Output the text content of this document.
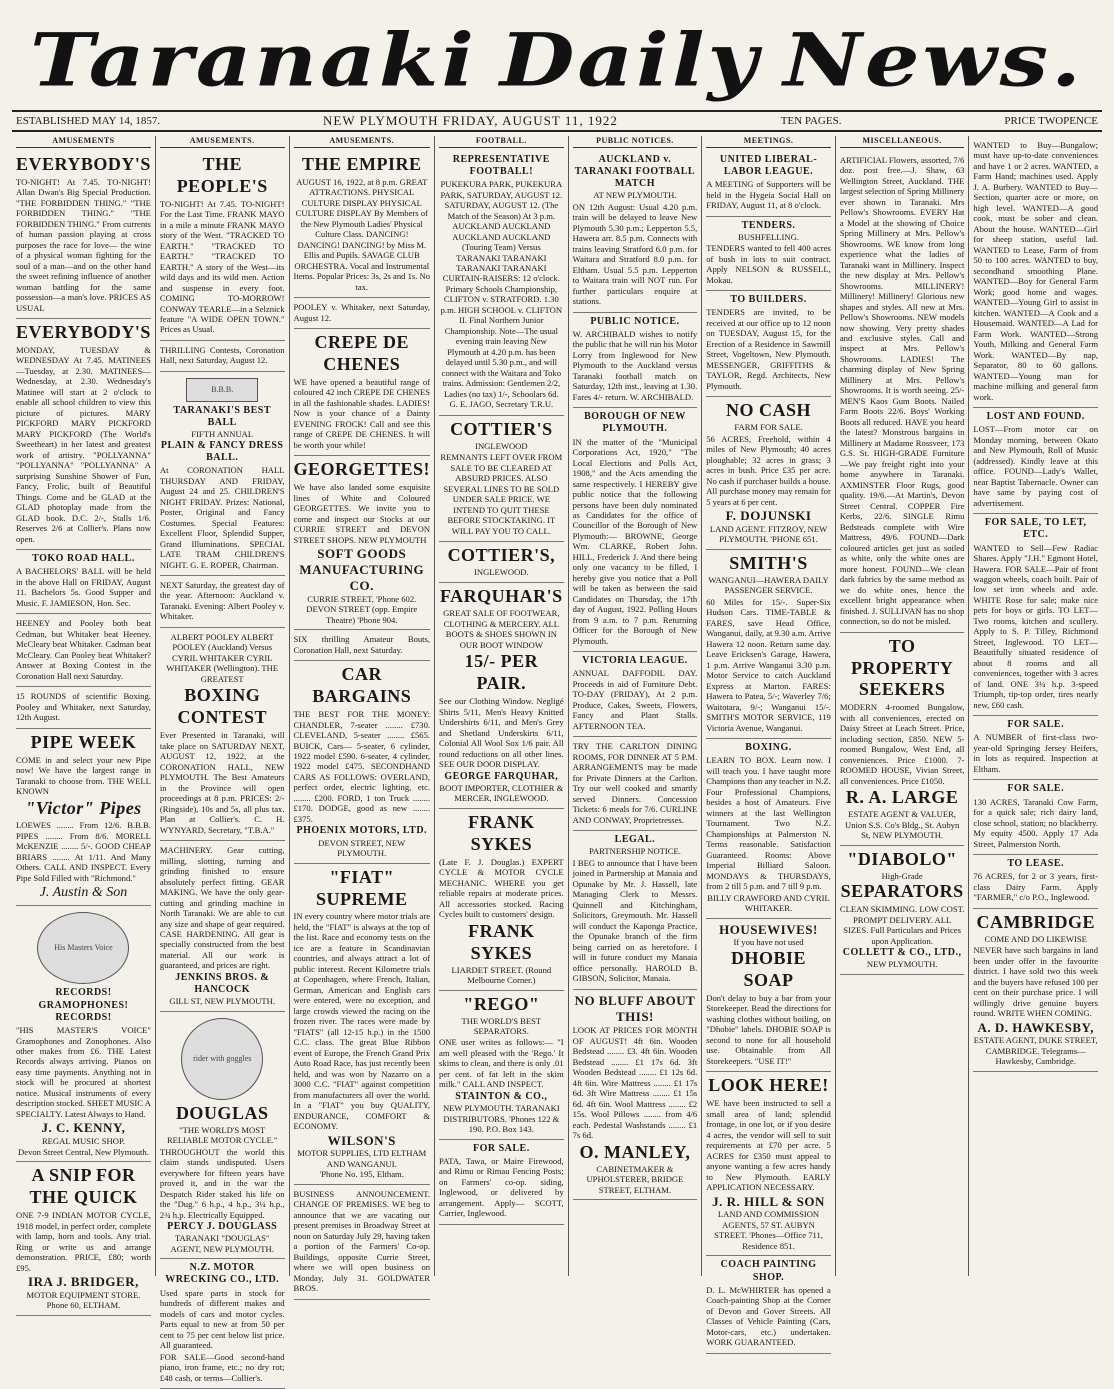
Taranaki Daily News.
ESTABLISHED MAY 14, 1857.	NEW PLYMOUTH FRIDAY, AUGUST 11, 1922	TEN PAGES.	PRICE TWOPENCE
AMUSEMENTS
EVERYBODY'S

TO-NIGHT! At 7.45. TO-NIGHT! Allan Dwan's Big Special Production. "THE FORBIDDEN THING." "THE FORBIDDEN THING." "THE FORBIDDEN THING." From currents of human passion playing at cross purposes the race for love— the wine of a physical woman fighting for the soul of a man—and on the other hand the sweet refining influence of another woman battling for the same possession—a man's love. PRICES AS USUAL

EVERYBODY'S

MONDAY, TUESDAY & WEDNESDAY At 7.45. MATINEES—Tuesday, at 2.30. MATINEES—Wednesday, at 2.30. Wednesday's Matinee will start at 2 o'clock to enable all school children to view this picture of pictures. MARY PICKFORD MARY PICKFORD MARY PICKFORD (The World's Sweetheart) in her latest and greatest work of artistry. "POLLYANNA" "POLLYANNA" "POLLYANNA" A surprising Sunshine Shower of Fun, Fancy, Frolic, built of Beautiful Things. Come and be GLAD at the GLAD photoplay made from the GLAD book. D.C. 2/-, Stalls 1/6. Reserves 2/6 at Collier's. Plans now open.

TOKO ROAD HALL.

A BACHELORS' BALL will be held in the above Hall on FRIDAY, August 11. Bachelors 5s. Good Supper and Music. F. JAMIESON, Hon. Sec.

HEENEY and Pooley both beat Cedman, but Whitaker beat Heeney. McCleary beat Whitaker. Cadman beat McCleary. Can Pooley beat Whitaker? Answer at Boxing Contest in the Coronation Hall next Saturday.

15 ROUNDS of scientific Boxing. Pooley and Whitaker, next Saturday, 12th August.

PIPE WEEK

COME in and select your new Pipe now! We have the largest range in Taranaki to choose from. THE WELL KNOWN

"Victor" Pipes

LOEWES ........ From 12/6. B.B.B. PIPES ........ From 8/6. MORELL McKENZIE ........ 5/-. GOOD CHEAP BRIARS ........ At 1/11. And Many Others. CALL AND INSPECT. Every Pipe Sold Filled with "Richmond."

J. Austin & Son
His Masters Voice
RECORDS! GRAMOPHONES! RECORDS!

"HIS MASTER'S VOICE" Gramophones and Zonophones. Also other makes from £6. THE Latest Records always arriving. Pianos on easy time payments. Anything not in stock will be procured at shortest notice. Musical instruments of every description stocked. SHEET MUSIC A SPECIALTY. Latest Always to Hand.

J. C. KENNY,
REGAL MUSIC SHOP.
Devon Street Central, New Plymouth.
A SNIP FOR THE QUICK

ONE 7-9 INDIAN MOTOR CYCLE, 1918 model, in perfect order, complete with lamp, horn and tools. Any trial. Ring or write us and arrange demonstration. PRICE, £80; worth £95.

IRA J. BRIDGER,
MOTOR EQUIPMENT STORE. Phone 60, ELTHAM.
AMUSEMENTS.
THE PEOPLE'S

TO-NIGHT! At 7.45. TO-NIGHT! For the Last Time. FRANK MAYO in a mile a minute FRANK MAYO story of the West. "TRACKED TO EARTH." "TRACKED TO EARTH." "TRACKED TO EARTH." A story of the West—its wild days and its wild men. Action and suspense in every foot. COMING TO-MORROW! CONWAY TEARLE—in a Selznick feature "A WIDE OPEN TOWN." Prices as Usual.

THRILLING Contests, Coronation Hall, next Saturday, August 12.

B.B.B.
TARANAKI'S BEST BALL
FIFTH ANNUAL
PLAIN & FANCY DRESS BALL.

At CORONATION HALL THURSDAY AND FRIDAY, August 24 and 25. CHILDREN'S NIGHT FRIDAY. Prizes: National, Poster, Original and Fancy Costumes. Special Features: Excellent Floor, Splendid Supper, Grand Illuminations. SPECIAL LATE TRAM CHILDREN'S NIGHT. G. E. ROPER, Chairman.

NEXT Saturday, the greatest day of the year. Afternoon: Auckland v. Taranaki. Evening: Albert Pooley v. Whitaker.

ALBERT POOLEY ALBERT POOLEY (Auckland) Versus CYRIL WHITAKER CYRIL WHITAKER (Wellington). THE GREATEST

BOXING CONTEST

Ever Presented in Taranaki, will take place on SATURDAY NEXT, AUGUST 12, 1922, at the CORONATION HALL, NEW PLYMOUTH. The Best Amateurs in the Province will open proceedings at 8 p.m. PRICES: 2/- (Ringside), 10s and 5s, all plus tax. Plan at Collier's. C. H. WYNYARD, Secretary, "T.B.A."

MACHINERY. Gear cutting, milling, slotting, turning and grinding finished to ensure absolutely perfect fitting. GEAR MAKING. We have the only gear-cutting and grinding machine in North Taranaki. We are able to cut any size and shape of gear required. CASE HARDENING. All gear is specially constructed from the best material. All our work is guaranteed, and prices are right.

JENKINS BROS. & HANCOCK
GILL ST, NEW PLYMOUTH.
rider with goggles
DOUGLAS
"THE WORLD'S MOST RELIABLE MOTOR CYCLE."

THROUGHOUT the world this claim stands undisputed. Users everywhere for fifteen years have proved it, and in the war the Despatch Rider staked his life on the "Dug." 6 h.p., 4 h.p., 3¼ h.p., 2¾ h.p. Electrically Equipped.

PERCY J. DOUGLASS
TARANAKI "DOUGLAS" AGENT, NEW PLYMOUTH.
N.Z. MOTOR WRECKING CO., LTD.

Used spare parts in stock for hundreds of different makes and models of cars and motor cycles. Parts equal to new at from 50 per cent to 75 per cent below list price. All guaranteed.

FOR SALE—Good second-hand piano, iron frame, etc.; no dry rot; £48 cash, or terms—Collier's.

AMUSEMENTS.
THE EMPIRE

AUGUST 16, 1922, at 8 p.m. GREAT ATTRACTIONS. PHYSICAL CULTURE DISPLAY PHYSICAL CULTURE DISPLAY By Members of the New Plymouth Ladies' Physical Culture Class. DANCING! DANCING! DANCING! by Miss M. Ellis and Pupils. SAVAGE CLUB ORCHESTRA. Vocal and Instrumental Items. Popular Prices: 3s, 2s and 1s. No tax.

POOLEY v. Whitaker, next Saturday, August 12.

CREPE DE CHENES

WE have opened a beautiful range of coloured 42 inch CREPE DE CHENES in all the fashionable shades. LADIES! Now is your chance of a Dainty EVENING FROCK! Call and see this range of CREPE DE CHENES. It will be worth your while!

GEORGETTES!

We have also landed some exquisite lines of White and Coloured GEORGETTES. We invite you to come and inspect our Stocks at our CURRIE STREET and DEVON STREET SHOPS. NEW PLYMOUTH

SOFT GOODS MANUFACTURING CO.
CURRIE STREET, 'Phone 602. DEVON STREET (opp. Empire Theatre) 'Phone 904.

SIX thrilling Amateur Bouts, Coronation Hall, next Saturday.

CAR BARGAINS

THE BEST FOR THE MONEY: CHANDLER, 7-seater ........ £730. CLEVELAND, 5-seater ........ £565. BUICK, Cars— 5-seater, 6 cylinder, 1922 model £590. 6-seater, 4 cylinder, 1922 model £475. SECONDHAND CARS AS FOLLOWS: OVERLAND, perfect order, electric lighting, etc. ........ £200. FORD, 1 ton Truck ........ £170. DODGE, good as new ........ £375.

PHOENIX MOTORS, LTD.
DEVON STREET, NEW PLYMOUTH.
"FIAT" SUPREME

IN every country where motor trials are held, the "FIAT" is always at the top of the list. Race and economy tests on the ice are a feature in Scandinavian countries, and always attract a lot of public interest. Recent Kilometre trials at Copenhagen, where French, Italian, German, American and English cars were entered, were no exception, and large crowds viewed the racing on the frozen river. The races were made by "FIATS" (all 12-15 h.p.) in the 1500 C.C. class. The great Blue Ribbon event of Europe, the French Grand Prix Auto Road Race, has just recently been held, and was won by Nazarro on a 3000 C.C. "FIAT" against competition from manufacturers all over the world. In a "FIAT" you buy QUALITY, ENDURANCE, COMFORT & ECONOMY.

WILSON'S
MOTOR SUPPLIES, LTD ELTHAM AND WANGANUI.
'Phone No. 195, Eltham.

BUSINESS ANNOUNCEMENT. CHANGE OF PREMISES. WE beg to announce that we are vacating our present premises in Broadway Street at noon on Saturday July 29, having taken a portion of the Farmers' Co-op. Buildings, opposite Currie Street, where we will open business on Monday, July 31. GOLDWATER BROS.

FOOTBALL.
REPRESENTATIVE FOOTBALL!

PUKEKURA PARK, PUKEKURA PARK, SATURDAY, AUGUST 12. SATURDAY, AUGUST 12. (The Match of the Season) At 3 p.m. AUCKLAND AUCKLAND AUCKLAND AUCKLAND (Touring Team) Versus TARANAKI TARANAKI TARANAKI TARANAKI CURTAIN-RAISERS: 12 o'clock. Primary Schools Championship, CLIFTON v. STRATFORD. 1.30 p.m. HIGH SCHOOL v. CLIFTON II. Final Northern Junior Championship. Note—The usual evening train leaving New Plymouth at 4.20 p.m. has been delayed until 5.30 p.m., and will connect with the Waitara and Toko trains. Admission: Gentlemen 2/2, Ladies (no tax) 1/-, Schoolars 6d. G. E. JAGO, Secretary T.R.U.

COTTIER'S
INGLEWOOD

REMNANTS LEFT OVER FROM SALE TO BE CLEARED AT ABSURD PRICES. ALSO SEVERAL LINES TO BE SOLD UNDER SALE PRICE. WE INTEND TO QUIT THESE BEFORE STOCKTAKING. IT WILL PAY YOU TO CALL.

COTTIER'S,
INGLEWOOD.
FARQUHAR'S

GREAT SALE OF FOOTWEAR, CLOTHING & MERCERY. ALL BOOTS & SHOES SHOWN IN OUR BOOT WINDOW

15/- PER PAIR.

See our Clothing Window. Negligé Shirts 5/11, Men's Heavy Knitted Undershirts 6/11, and Men's Grey and Shetland Underskirts 6/11, Colonial All Wool Sox 1/6 pair. All round reductions on all other lines. SEE OUR DOOR DISPLAY.

GEORGE FARQUHAR,
BOOT IMPORTER, CLOTHIER & MERCER, INGLEWOOD.
FRANK SYKES

(Late F. J. Douglas.) EXPERT CYCLE & MOTOR CYCLE MECHANIC. WHERE you get reliable repairs at moderate prices. All accessories stocked. Racing Cycles built to customers' design.

FRANK SYKES
LIARDET STREET. (Round Melbourne Corner.)
"REGO"
THE WORLD'S BEST SEPARATORS.

ONE user writes as follows:— "I am well pleased with the 'Rego.' It skims to clean, and there is only .01 per cent. of fat left in the skim milk." CALL AND INSPECT.

STAINTON & CO.,
NEW PLYMOUTH. TARANAKI DISTRIBUTORS. 'Phones 122 & 190. P.O. Box 143.
FOR SALE.

PATA, Tawa, or Maire Firewood, and Rimu or Rimau Fencing Posts; on Farmers' co-op. siding, Inglewood, or delivered by arrangement. Apply— SCOTT, Carrier, Inglewood.

PUBLIC NOTICES.
AUCKLAND v. TARANAKI FOOTBALL MATCH
AT NEW PLYMOUTH.

ON 12th August: Usual 4.20 p.m. train will be delayed to leave New Plymouth 5.30 p.m.; Lepperton 5.5, Hawera arr. 8.5 p.m. Connects with trains leaving Stratford 6.0 p.m. for Waitara and Stratford 8.0 p.m. for Eltham. Usual 5.5 p.m. Lepperton to Waitara train will NOT run. For further particulars enquire at stations.

PUBLIC NOTICE.

W. ARCHIBALD wishes to notify the public that he will run his Motor Lorry from Inglewood for New Plymouth to the Auckland versus Taranaki football match on Saturday, 12th inst., leaving at 1.30. Fares 4/- return. W. ARCHIBALD.

BOROUGH OF NEW PLYMOUTH.

IN the matter of the "Municipal Corporations Act, 1920," "The Local Elections and Polls Act, 1908," and the Acts amending the same respectively. I HEREBY give public notice that the following persons have been duly nominated as Candidates for the office of Councillor of the Borough of New Plymouth:— BROWNE, George Wm. CLARKE, Robert John. HILL, Frederick J. And there being only one vacancy to be filled, I hereby give you notice that a Poll will be taken as between the said Candidates on Thursday, the 17th day of August, 1922. Polling Hours from 9 a.m. to 7 p.m. Returning Officer for the Borough of New Plymouth.

VICTORIA LEAGUE.

ANNUAL DAFFODIL DAY. Proceeds in aid of Furniture Debt. TO-DAY (FRIDAY), At 2 p.m. Produce, Cakes, Sweets, Flowers, Fancy and Plant Stalls. AFTERNOON TEA.

TRY THE CARLTON DINING ROOMS, FOR DINNER AT 5 P.M. ARRANGEMENTS may be made for Private Dinners at the Carlton. Try our well cooked and smartly served Dinners. Concession Tickets: 6 meals for 7/6. CURLINE AND CONWAY, Proprietresses.

LEGAL.
PARTNERSHIP NOTICE.

I BEG to announce that I have been joined in Partnership at Manaia and Opunake by Mr. J. Hassell, late Managing Clerk to Messrs. Quinnell and Kitchingham, Solicitors, Greymouth. Mr. Hassell will conduct the Kaponga Practice, the Opunake branch of the firm being carried on as heretofore. I will in future conduct my Manaia office personally. HAROLD B. GIBSON, Solicitor, Manaia.

NO BLUFF ABOUT THIS!

LOOK AT PRICES FOR MONTH OF AUGUST! 4ft 6in. Wooden Bedstead ........ £3. 4ft 6in. Wooden Bedstead ........ £1 17s 6d. 3ft Wooden Bedstead ........ £1 12s 6d. 4ft 6in. Wire Mattress ........ £1 17s 6d. 3ft Wire Mattress ........ £1 15s 6d. 4ft 6in. Wool Mattress ........ £2 15s. Wool Pillows ........ from 4/6 each. Pedestal Washstands ........ £1 7s 6d.

O. MANLEY,
CABINETMAKER & UPHOLSTERER, BRIDGE STREET, ELTHAM.
MEETINGS.
UNITED LIBERAL-LABOR LEAGUE.

A MEETING of Supporters will be held in the Hygeia Social Hall on FRIDAY, August 11, at 8 o'clock.

TENDERS.
BUSHFELLING.

TENDERS wanted to fell 400 acres of bush in lots to suit contract. Apply NELSON & RUSSELL, Mokau.

TO BUILDERS.

TENDERS are invited, to be received at our office up to 12 noon on TUESDAY, August 15, for the Erection of a Residence in Sawmill Street, Vogeltown, New Plymouth. MESSENGER, GRIFFITHS & TAYLOR, Regd. Architects, New Plymouth.

NO CASH
FARM FOR SALE.

56 ACRES, Freehold, within 4 miles of New Plymouth; 40 acres ploughable; 32 acres in grass; 3 acres in bush. Price £35 per acre. No cash if purchaser builds a house. All purchase money may remain for 5 years at 6 per cent.

F. DOJUNSKI
LAND AGENT. FITZROY, NEW PLYMOUTH. 'PHONE 651.
SMITH'S
WANGANUI—HAWERA DAILY PASSENGER SERVICE.

60 Miles for 15/-. Super-Six Hudson Cars. TIME-TABLE & FARES, save Head Office, Wanganui, daily, at 9.30 a.m. Arrive Hawera 12 noon. Return same day. Leave Ericksen's Garage, Hawera, 1 p.m. Arrive Wanganui 3.30 p.m. Motor Service to catch Auckland Express at Marton. FARES: Hawera to Patea, 5/-; Waverley 7/6; Waitotara, 9/-; Wanganui 15/-. SMITH'S MOTOR SERVICE, 119 Victoria Avenue, Wanganui.

BOXING.

LEARN TO BOX. Learn now. I will teach you. I have taught more Champions than any teacher in N.Z. Four Professional Champions, besides a host of Amateurs. Five winners at the last Wellington Tournament. Two N.Z. Championships at Palmerston N. Terms reasonable. Satisfaction Guaranteed. Rooms: Above Imperial Billiard Saloon. MONDAYS & THURSDAYS, from 2 till 5 p.m. and 7 till 9 p.m.

BILLY CRAWFORD AND CYRIL WHITAKER.
HOUSEWIVES!
If you have not used
DHOBIE SOAP

Don't delay to buy a bar from your Storekeeper. Read the directions for washing clothes without boiling, on "Dhobie" labels. DHOBIE SOAP is second to none for all household use. Obtainable from All Storekeepers. "USE IT!"

LOOK HERE!

WE have been instructed to sell a small area of land; splendid frontage, in one lot, or if you desire 4 acres, the vendor will sell to suit requirements at £70 per acre. 5 ACRES for £350 must appeal to anyone wanting a few acres handy to New Plymouth. EARLY APPLICATION NECESSARY.

J. R. HILL & SON
LAND AND COMMISSION AGENTS, 57 ST. AUBYN STREET. 'Phones—Office 711, Residence 851.
COACH PAINTING SHOP.

D. L. McWHIRTER has opened a Coach-painting Shop at the Corner of Devon and Gover Streets. All Classes of Vehicle Painting (Cars, Motor-cars, etc.) undertaken. WORK GUARANTEED.

MISCELLANEOUS.

ARTIFICIAL Flowers, assorted, 7/6 doz. post free.—J. Shaw, 63 Wellington Street, Auckland. THE largest selection of Spring Millinery ever shown in Taranaki. Mrs Pellow's Showrooms. EVERY Hat a Model at the showing of Choice Spring Millinery at Mrs. Pellow's Showrooms. WE know from long experience what the ladies of Taranaki want in Millinery. Inspect the new display at Mrs. Pellow's Showrooms. MILLINERY! Millinery! Millinery! Glorious new shapes and styles. All new at Mrs. Pellow's Showrooms. NEW models now showing. Very pretty shades and exclusive styles. Call and inspect at Mrs. Pellow's Showrooms. LADIES! The charming display of New Spring Millinery at Mrs. Pellow's Showrooms. It is worth seeing. 25/- MEN'S Kaos Gum Boots. Nailed Farm Boots 22/6. Boys' Working Boots all reduced. HAVE you heard the latest? Monstrous bargains in Millinery at Madame Rossveer, 173 G.S. St. HIGH-GRADE Furniture—We pay freight right into your home anywhere in Taranaki. AXMINSTER Floor Rugs, good quality. 19/6.—At Martin's, Devon Street Central. COPPER Fire Kerbs, 22/6. SINGLE Rimu Bedsteads complete with Wire Mattress, 49/6. FOUND—Dark coloured articles get just as soiled as white, only the white ones are more honest. FOUND—We clean dark fabrics by the same method as we do white ones, hence the excellent bright appearance when finished. J. SULLIVAN has no shop connection, so do not be misled.

TO PROPERTY SEEKERS

MODERN 4-roomed Bungalow, with all conveniences, erected on Daisy Street at Leach Street. Price, including section, £850. NEW 5-roomed Bungalow, West End, all conveniences. Price £1000. 7-ROOMED HOUSE, Vivian Street, all conveniences. Price £1050.

R. A. LARGE
ESTATE AGENT & VALUER, Union S.S. Co's Bldg., St. Aubyn St, NEW PLYMOUTH.
"DIABOLO"
High-Grade
SEPARATORS

CLEAN SKIMMING. LOW COST. PROMPT DELIVERY. ALL SIZES. Full Particulars and Prices upon Application.

COLLETT & CO., LTD.,
NEW PLYMOUTH.

WANTED to Buy—Bungalow; must have up-to-date conveniences and have 1 or 2 acres. WANTED, a Farm Hand; machines used. Apply J. A. Burbery. WANTED to Buy—Section, quarter acre or more, on high level. WANTED—A good cook, must be sober and clean. About the house. WANTED—Girl for sheep station, useful lad. WANTED to Lease, Farm of from 50 to 100 acres. WANTED to buy, secondhand smoothing Plane. WANTED—Boy for General Farm Work; good home and wages. WANTED—Young Girl to assist in kitchen. WANTED—A Cook and a Housemaid. WANTED—A Lad for Farm Work. WANTED—Strong Youth, Milking and General Farm Work. WANTED—By nap, Separator, 80 to 60 gallons. WANTED—Young man for machine milking and general farm work.

LOST AND FOUND.

LOST—From motor car on Monday morning, between Okato and New Plymouth, Roll of Music (addressed). Kindly leave at this office. FOUND—Lady's Wallet, near Baptist Tabernacle. Owner can have same by paying cost of advertisement.

FOR SALE, TO LET, ETC.

WANTED to Sell—Few Radiac Shares. Apply "J.H." Egmont Hotel, Hawera. FOR SALE—Pair of front waggon wheels, coach built. Pair of low set iron wheels and axle. WHITE Rose for sale; make nice pets for boys or girls. TO LET—Two rooms, kitchen and scullery. Apply to S. P. Tilley, Richmond Street, Inglewood. TO LET—Beautifully situated residence of about 8 rooms and all conveniences, together with 3 acres of land. ONE 3¼ h.p. 3-speed Triumph, tip-top order, tires nearly new, £60 cash.

FOR SALE.

A NUMBER of first-class two-year-old Springing Jersey Heifers, in lots as required. Inspection at Eltham.

FOR SALE.

130 ACRES, Taranaki Cow Farm, for a quick sale; rich dairy land, close school, station; no blackberry. My equity 4500. Apply 17 Ada Street, Palmerston North.

TO LEASE.

76 ACRES, for 2 or 3 years, first-class Dairy Farm. Apply "FARMER," c/o P.O., Inglewood.

CAMBRIDGE
COME AND DO LIKEWISE

NEVER have such bargains in land been under offer in the favourite district. I have sold two this week and the buyers have refused 100 per cent on their purchase price. I will willingly drive genuine buyers round. WRITE WHEN COMING.

A. D. HAWKESBY,
ESTATE AGENT, DUKE STREET, CAMBRIDGE. Telegrams— Hawkesby, Cambridge.
